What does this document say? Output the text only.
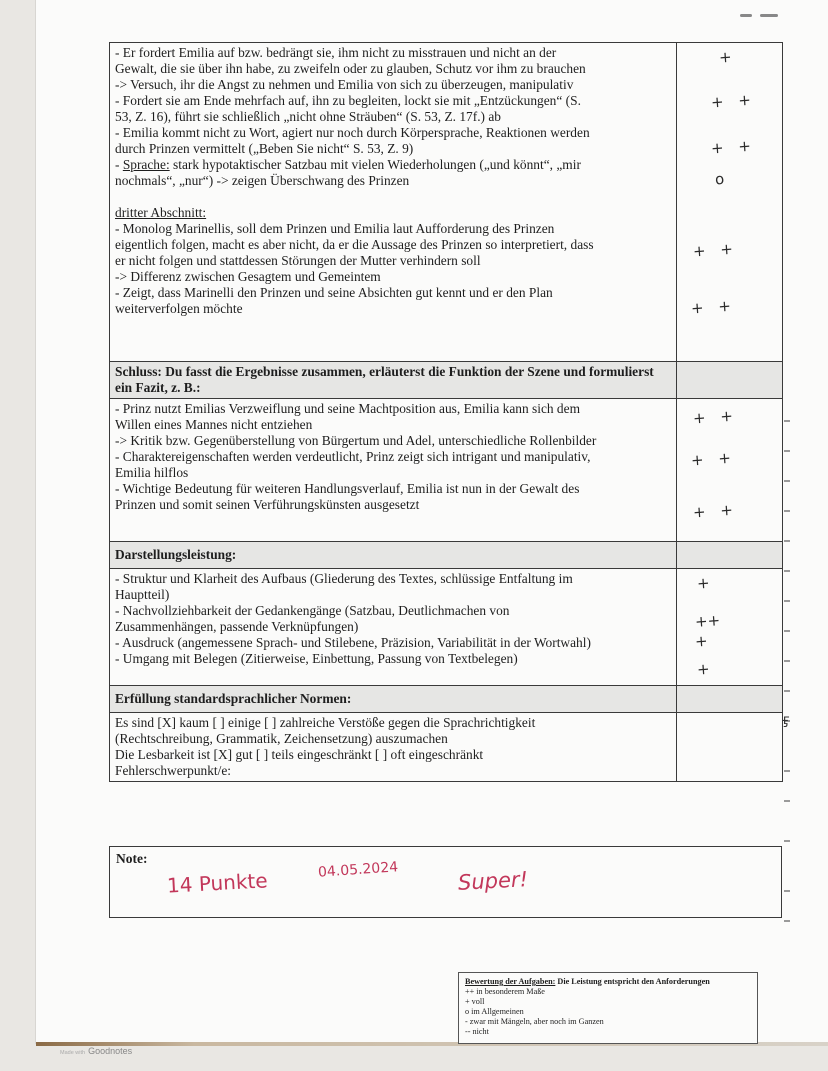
- Er fordert Emilia auf bzw. bedrängt sie, ihm nicht zu misstrauen und nicht an der
Gewalt, die sie über ihn habe, zu zweifeln oder zu glauben, Schutz vor ihm zu brauchen
-> Versuch, ihr die Angst zu nehmen und Emilia von sich zu überzeugen, manipulativ
- Fordert sie am Ende mehrfach auf, ihn zu begleiten, lockt sie mit „Entzückungen“ (S.
53, Z. 16), führt sie schließlich „nicht ohne Sträuben“ (S. 53, Z. 17f.) ab
- Emilia kommt nicht zu Wort, agiert nur noch durch Körpersprache, Reaktionen werden
durch Prinzen vermittelt („Beben Sie nicht“ S. 53, Z. 9)
- Sprache: stark hypotaktischer Satzbau mit vielen Wiederholungen („und könnt“, „mir
nochmals“, „nur“) -> zeigen Überschwang des Prinzen
dritter Abschnitt:
- Monolog Marinellis, soll dem Prinzen und Emilia laut Aufforderung des Prinzen
eigentlich folgen, macht es aber nicht, da er die Aussage des Prinzen so interpretiert, dass
er nicht folgen und stattdessen Störungen der Mutter verhindern soll
-> Differenz zwischen Gesagtem und Gemeintem
- Zeigt, dass Marinelli den Prinzen und seine Absichten gut kennt und er den Plan
weiterverfolgen möchte

+
+ +
+ +
o
+ +
+ +

Schluss: Du fasst die Ergebnisse zusammen, erläuterst die Funktion der Szene und formulierst ein Fazit, z. B.:	

- Prinz nutzt Emilias Verzweiflung und seine Machtposition aus, Emilia kann sich dem
Willen eines Mannes nicht entziehen
-> Kritik bzw. Gegenüberstellung von Bürgertum und Adel, unterschiedliche Rollenbilder
- Charaktereigenschaften werden verdeutlicht, Prinz zeigt sich intrigant und manipulativ,
Emilia hilflos
- Wichtige Bedeutung für weiteren Handlungsverlauf, Emilia ist nun in der Gewalt des
Prinzen und somit seinen Verführungskünsten ausgesetzt

+ +
+ +
+ +

Darstellungsleistung:	

- Struktur und Klarheit des Aufbaus (Gliederung des Textes, schlüssige Entfaltung im
Hauptteil)
- Nachvollziehbarkeit der Gedankengänge (Satzbau, Deutlichmachen von
Zusammenhängen, passende Verknüpfungen)
- Ausdruck (angemessene Sprach- und Stilebene, Präzision, Variabilität in der Wortwahl)
- Umgang mit Belegen (Zitierweise, Einbettung, Passung von Textbelegen)

+
++
+
+

Erfüllung standardsprachlicher Normen:	

Es sind [X] kaum [ ] einige [ ] zahlreiche Verstöße gegen die Sprachrichtigkeit
(Rechtschreibung, Grammatik, Zeichensetzung) auszumachen
Die Lesbarkeit ist [X] gut [ ] teils eingeschränkt [ ] oft eingeschränkt
Fehlerschwerpunkt/e:	

ӻ
Note:
14 Punkte	04.05.2024	Super!
Bewertung der Aufgaben: Die Leistung entspricht den Anforderungen
++ in besonderem Maße
+ voll
o im Allgemeinen
- zwar mit Mängeln, aber noch im Ganzen
-- nicht
Made with Goodnotes
